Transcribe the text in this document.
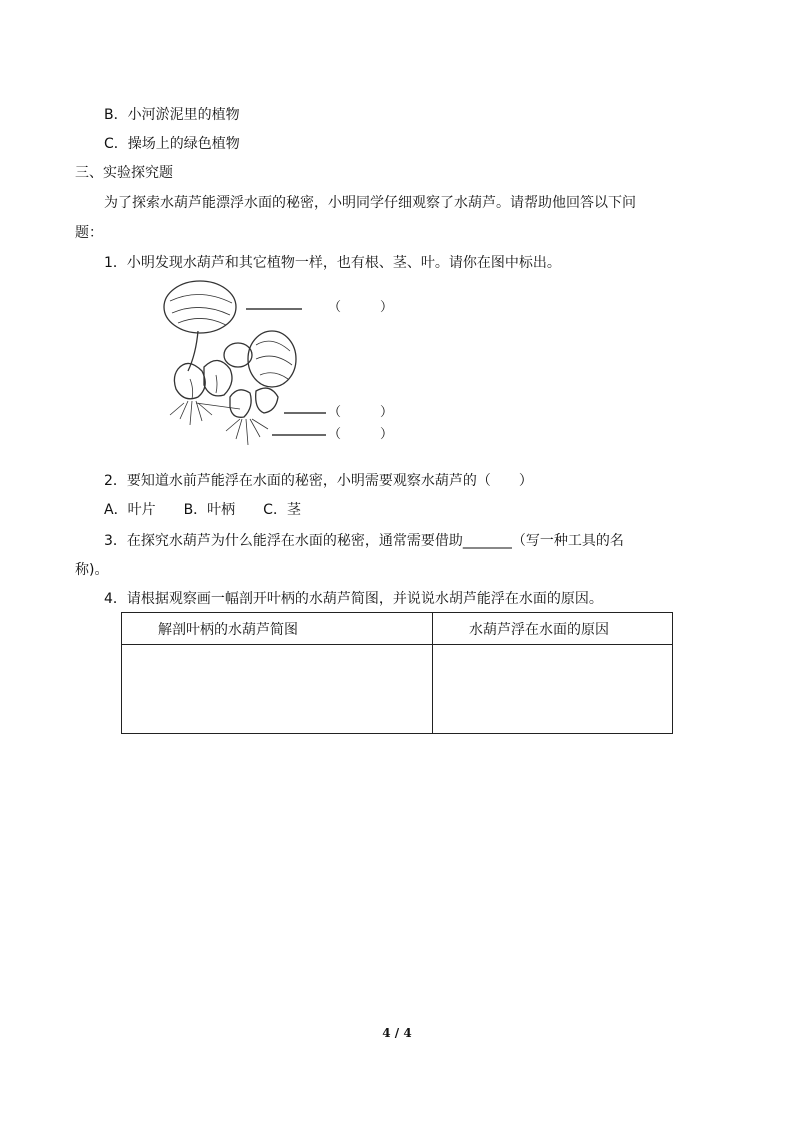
B．小河淤泥里的植物
C．操场上的绿色植物
三、实验探究题
为了探索水葫芦能漂浮水面的秘密，小明同学仔细观察了水葫芦。请帮助他回答以下问
题：
1．小明发现水葫芦和其它植物一样，也有根、茎、叶。请你在图中标出。
（　　　）
（　　　）
（　　　）
2．要知道水前芦能浮在水面的秘密，小明需要观察水葫芦的（　　）
A．叶片　　B．叶柄　　C．茎
3．在探究水葫芦为什么能浮在水面的秘密，通常需要借助_______（写一种工具的名
称)。
4．请根据观察画一幅剖开叶柄的水葫芦简图，并说说水胡芦能浮在水面的原因。
解剖叶柄的水葫芦简图	水葫芦浮在水面的原因

4 / 4
